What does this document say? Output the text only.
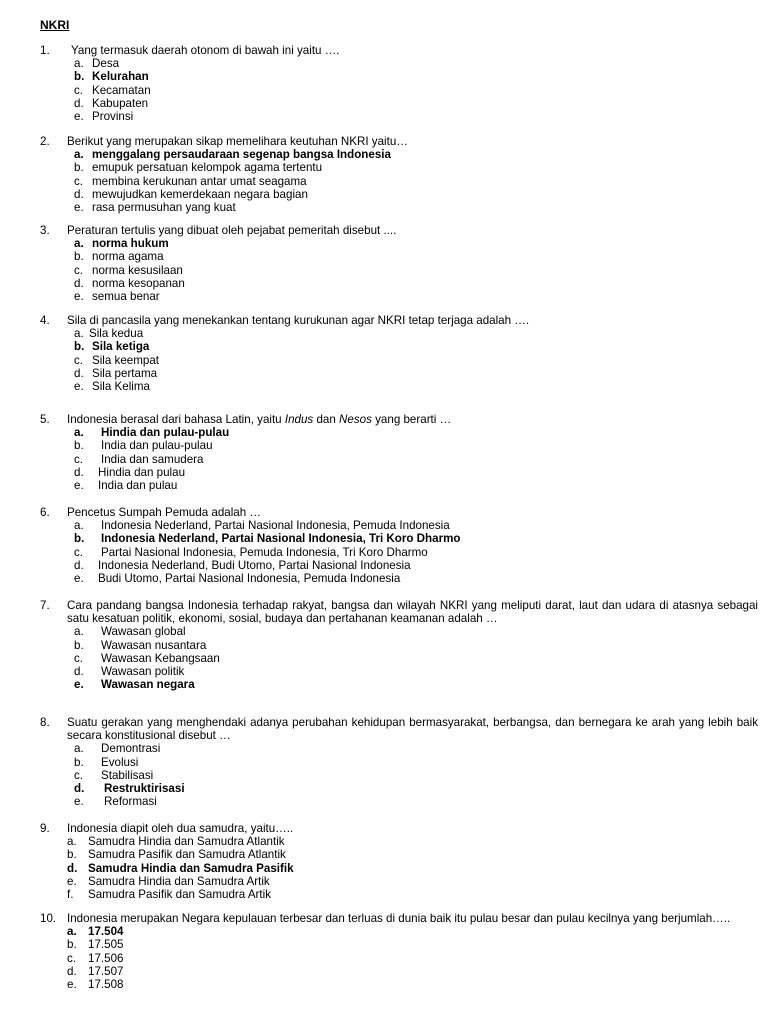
NKRI
1.	Yang termasuk daerah otonom di bawah ini yaitu ….
a. Desa
b. Kelurahan
c. Kecamatan
d. Kabupaten
e. Provinsi
2.	Berikut yang merupakan sikap memelihara keutuhan NKRI yaitu…
a. menggalang persaudaraan segenap bangsa Indonesia
b. emupuk persatuan kelompok agama tertentu
c. membina kerukunan antar umat seagama
d. mewujudkan kemerdekaan negara bagian
e. rasa permusuhan yang kuat
3.	Peraturan tertulis yang dibuat oleh pejabat pemeritah disebut ....
a. norma hukum
b. norma agama
c. norma kesusilaan
d. norma kesopanan
e. semua benar
4.	Sila di pancasila yang menekankan tentang kurukunan agar NKRI tetap terjaga adalah ….
a. Sila kedua
b. Sila ketiga
c. Sila keempat
d. Sila pertama
e. Sila Kelima
5.	Indonesia berasal dari bahasa Latin, yaitu Indus dan Nesos yang berarti …
a.	Hindia dan pulau-pulau
b.	India dan pulau-pulau
c.	India dan samudera
d.	Hindia dan pulau
e.	India dan pulau
6.	Pencetus Sumpah Pemuda adalah …
a.	Indonesia Nederland, Partai Nasional Indonesia, Pemuda Indonesia
b.	Indonesia Nederland, Partai Nasional Indonesia, Tri Koro Dharmo
c.	Partai Nasional Indonesia, Pemuda Indonesia, Tri Koro Dharmo
d.	Indonesia Nederland, Budi Utomo, Partai Nasional Indonesia
e.	Budi Utomo, Partai Nasional Indonesia, Pemuda Indonesia
7.	Cara pandang bangsa Indonesia terhadap rakyat, bangsa dan wilayah NKRI yang meliputi darat, laut dan udara di atasnya sebagai satu kesatuan politik, ekonomi, sosial, budaya dan pertahanan keamanan adalah …
a.	Wawasan global
b.	Wawasan nusantara
c.	Wawasan Kebangsaan
d.	Wawasan politik
e.	Wawasan negara
8.	Suatu gerakan yang menghendaki adanya perubahan kehidupan bermasyarakat, berbangsa, dan bernegara ke arah yang lebih baik secara konstitusional disebut …
a.	Demontrasi
b.	Evolusi
c.	Stabilisasi
d.	Restruktirisasi
e.	Reformasi
9.	Indonesia diapit oleh dua samudra, yaitu…..
a. Samudra Hindia dan Samudra Atlantik
b. Samudra Pasifik dan Samudra Atlantik
d. Samudra Hindia dan Samudra Pasifik
e. Samudra Hindia dan Samudra Artik
f.	Samudra Pasifik dan Samudra Artik
10. Indonesia merupakan Negara kepulauan terbesar dan terluas di dunia baik itu pulau besar dan pulau kecilnya yang berjumlah…..
a. 17.504
b. 17.505
c.	17.506
d. 17.507
e. 17.508
